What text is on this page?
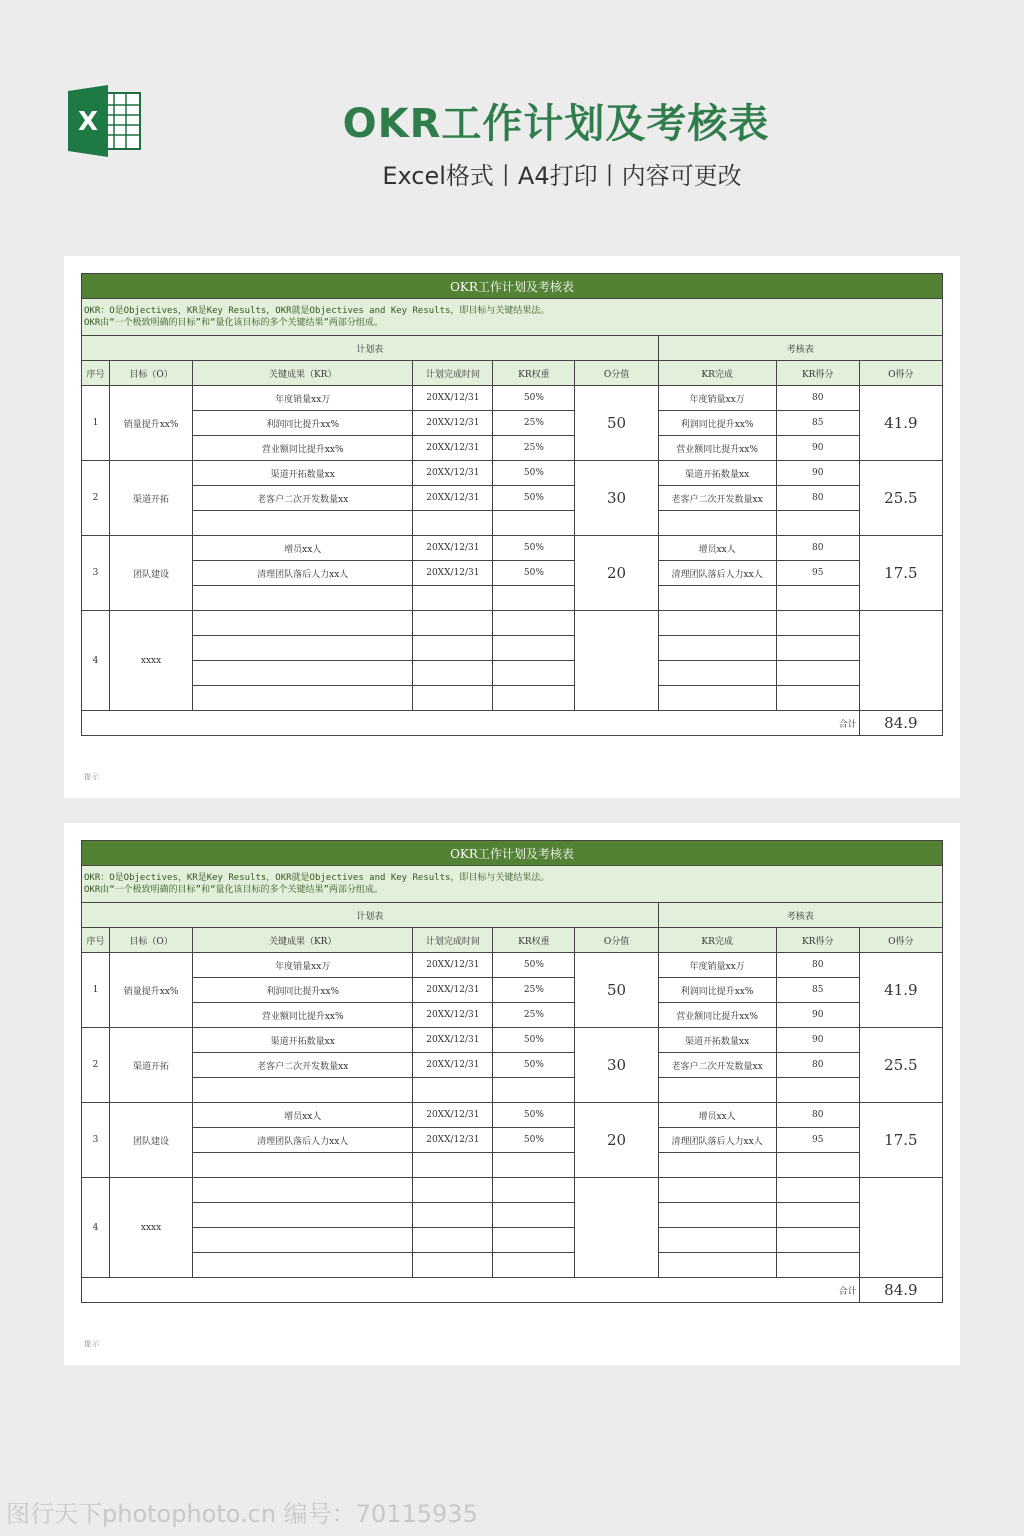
X	OKR工作计划及考核表
Excel格式丨A4打印丨内容可更改
OKR工作计划及考核表								

OKR：O是Objectives，KR是Key Results，OKR就是Objectives and Key Results，即目标与关键结果法。
OKR由“一个极致明确的目标”和“量化该目标的多个关键结果”两部分组成。								

计划表						考核表		
序号	目标（O）	关键成果（KR）	计划完成时间	KR权重	O分值	KR完成	KR得分	O得分
1	销量提升xx%	年度销量xx万	20XX/12/31	50%	50	年度销量xx万	80	41.9
		利润同比提升xx%	20XX/12/31	25%		利润同比提升xx%	85	
		营业额同比提升xx%	20XX/12/31	25%		营业额同比提升xx%	90	
2	渠道开拓	渠道开拓数量xx	20XX/12/31	50%	30	渠道开拓数量xx	90	25.5
		老客户二次开发数量xx	20XX/12/31	50%		老客户二次开发数量xx	80	

3	团队建设	增员xx人	20XX/12/31	50%	20	增员xx人	80	17.5
		清理团队落后人力xx人	20XX/12/31	50%		清理团队落后人力xx人	95	

4	xxxx							

合计								84.9
提示
OKR工作计划及考核表								

OKR：O是Objectives，KR是Key Results，OKR就是Objectives and Key Results，即目标与关键结果法。
OKR由“一个极致明确的目标”和“量化该目标的多个关键结果”两部分组成。								

计划表						考核表		
序号	目标（O）	关键成果（KR）	计划完成时间	KR权重	O分值	KR完成	KR得分	O得分
1	销量提升xx%	年度销量xx万	20XX/12/31	50%	50	年度销量xx万	80	41.9
		利润同比提升xx%	20XX/12/31	25%		利润同比提升xx%	85	
		营业额同比提升xx%	20XX/12/31	25%		营业额同比提升xx%	90	
2	渠道开拓	渠道开拓数量xx	20XX/12/31	50%	30	渠道开拓数量xx	90	25.5
		老客户二次开发数量xx	20XX/12/31	50%		老客户二次开发数量xx	80	

3	团队建设	增员xx人	20XX/12/31	50%	20	增员xx人	80	17.5
		清理团队落后人力xx人	20XX/12/31	50%		清理团队落后人力xx人	95	

4	xxxx							

合计								84.9
提示
图行天下photophoto.cn 编号：70115935
